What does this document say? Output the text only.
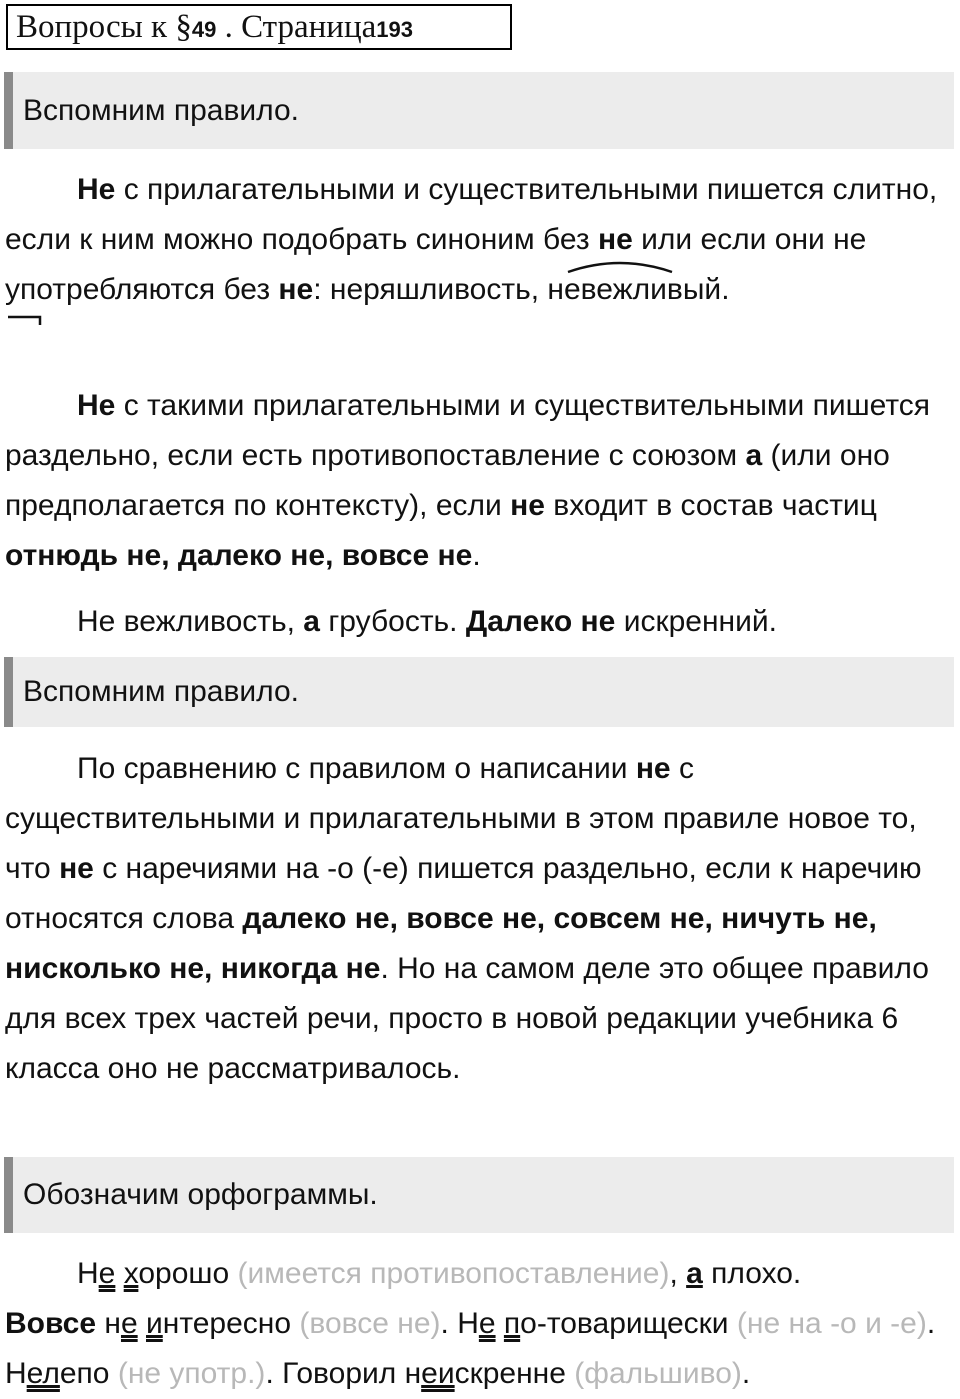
Вопросы к §49 . Страница193
Вспомним правило.

Не с прилагательными и существительными пишется слитно, если к ним можно подобрать синоним без не или если они не употребляются без не: неряшливость, невежливый.

Не с такими прилагательными и существительными пишется раздельно, если есть противопоставление с союзом а (или оно предполагается по контексту), если не входит в состав частиц отнюдь не, далеко не, вовсе не.

Не вежливость, а грубость. Далеко не искренний.

Вспомним правило.

По сравнению с правилом о написании не с существительными и прилагательными в этом правиле новое то, что не с наречиями на -о (-е) пишется раздельно, если к наречию относятся слова далеко не, вовсе не, совсем не, ничуть не, нисколько не, никогда не. Но на самом деле это общее правило для всех трех частей речи, просто в новой редакции учебника 6 класса оно не рассматривалось.

Обозначим орфограммы.

Не хорошо (имеется противопоставление), а плохо.
Вовсе не интересно (вовсе не). Не по-товарищески (не на -о и -е). Нелепо (не употр.). Говорил неискренне (фальшиво).
